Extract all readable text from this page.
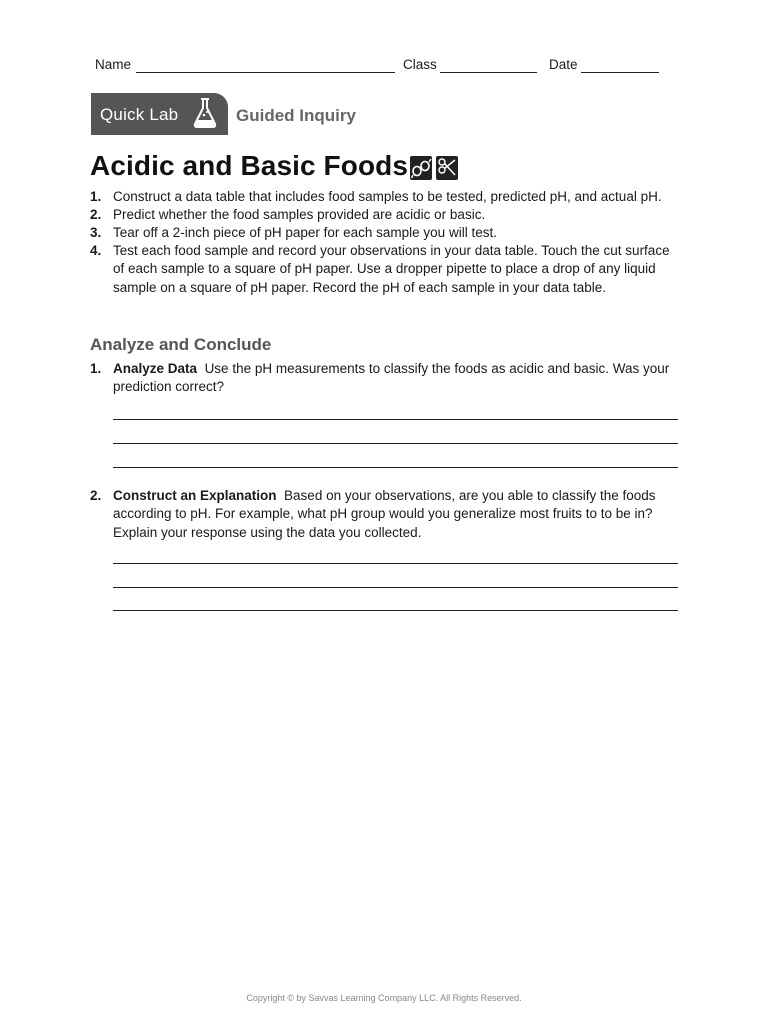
Name	Class	Date
Quick Lab	Guided Inquiry
Acidic and Basic Foods
1. Construct a data table that includes food samples to be tested, predicted pH, and actual pH.
2. Predict whether the food samples provided are acidic or basic.
3. Tear off a 2-inch piece of pH paper for each sample you will test.
4. Test each food sample and record your observations in your data table. Touch the cut surface of each sample to a square of pH paper. Use a dropper pipette to place a drop of any liquid sample on a square of pH paper. Record the pH of each sample in your data table.
Analyze and Conclude
1. Analyze Data Use the pH measurements to classify the foods as acidic and basic. Was your prediction correct?
2. Construct an Explanation Based on your observations, are you able to classify the foods according to pH. For example, what pH group would you generalize most fruits to to be in? Explain your response using the data you collected.
Copyright © by Savvas Learning Company LLC. All Rights Reserved.
